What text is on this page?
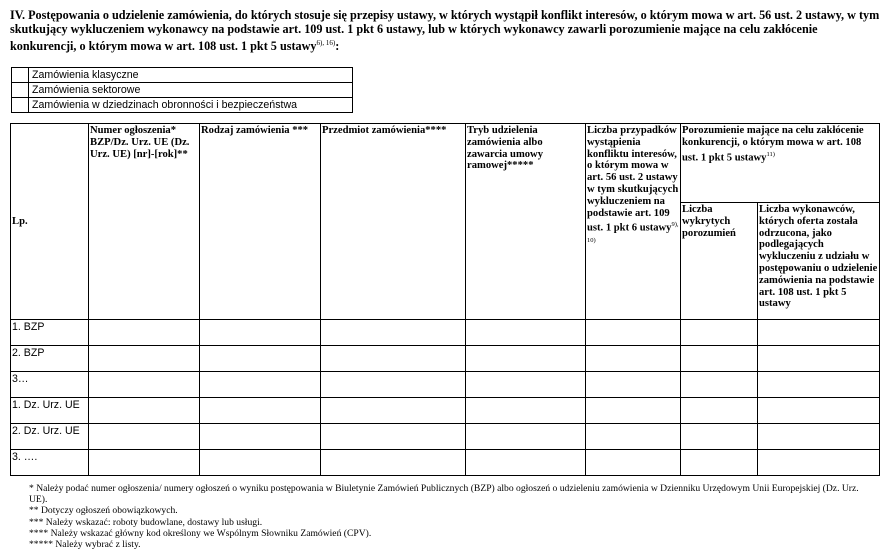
IV. Postępowania o udzielenie zamówienia, do których stosuje się przepisy ustawy, w których wystąpił konflikt interesów, o którym mowa w art. 56 ust. 2 ustawy, w tym skutkujący wykluczeniem wykonawcy na podstawie art. 109 ust. 1 pkt 6 ustawy, lub w których wykonawcy zawarli porozumienie mające na celu zakłócenie konkurencji, o którym mowa w art. 108 ust. 1 pkt 5 ustawy$^{6), 16)}$:
	Zamówienia klasyczne
	Zamówienia sektorowe
	Zamówienia w dziedzinach obronności i bezpieczeństwa
Lp.	Numer ogłoszenia* BZP/Dz. Urz. UE (Dz. Urz. UE) [nr]-[rok]**	Rodzaj zamówienia ***	Przedmiot zamówienia****	Tryb udzielenia zamówienia albo zawarcia umowy ramowej*****	Liczba przypadków wystąpienia konfliktu interesów, o którym mowa w art. 56 ust. 2 ustawy w tym skutkujących wykluczeniem na podstawie art. 109 ust. 1 pkt 6 ustawy$^{9), 10)}$	Porozumienie mające na celu zakłócenie konkurencji, o którym mowa w art. 108 ust. 1 pkt 5 ustawy$^{11)}$
						Liczba wykrytych porozumień	Liczba wykonawców, których oferta została odrzucona, jako podlegających wykluczeniu z udziału w postępowaniu o udzielenie zamówienia na podstawie art. 108 ust. 1 pkt 5 ustawy
1. BZP							
2. BZP							
3…							
1. Dz. Urz. UE							
2. Dz. Urz. UE							
3. ….							
* Należy podać numer ogłoszenia/ numery ogłoszeń o wyniku postępowania w Biuletynie Zamówień Publicznych (BZP) albo ogłoszeń o udzieleniu zamówienia w Dzienniku Urzędowym Unii Europejskiej (Dz. Urz. UE).
** Dotyczy ogłoszeń obowiązkowych.
*** Należy wskazać: roboty budowlane, dostawy lub usługi.
**** Należy wskazać główny kod określony we Wspólnym Słowniku Zamówień (CPV).
***** Należy wybrać z listy.
